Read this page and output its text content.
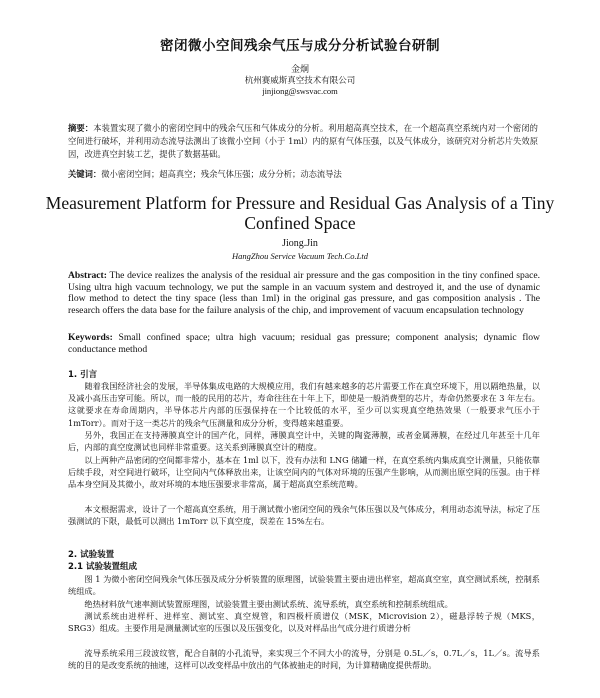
密闭微小空间残余气压与成分分析试验台研制
金炯
杭州赛威斯真空技术有限公司
jinjiong@swsvac.com
摘要：本装置实现了微小的密闭空间中的残余气压和气体成分的分析。利用超高真空技术，在一个超高真空系统内对一个密闭的空间进行破坏，并利用动态流导法测出了该微小空间（小于 1ml）内的原有气体压强，以及气体成分，该研究对分析芯片失效原因，改进真空封装工艺，提供了数据基础。
关键词：微小密闭空间；超高真空；残余气体压强；成分分析；动态流导法
Measurement Platform for Pressure and Residual Gas Analysis of a Tiny Confined Space
Jiong.Jin
HangZhou Service Vacuum Tech.Co.Ltd
Abstract: The device realizes the analysis of the residual air pressure and the gas composition in the tiny confined space. Using ultra high vacuum technology, we put the sample in an vacuum system and destroyed it, and the use of dynamic flow method to detect the tiny space (less than 1ml) in the original gas pressure, and gas composition analysis . The research offers the data base for the failure analysis of the chip, and improvement of vacuum encapsulation technology
Keywords: Small confined space; ultra high vacuum; residual gas pressure; component analysis; dynamic flow conductance method
1. 引言
随着我国经济社会的发展，半导体集成电路的大规模应用，我们有越来越多的芯片需要工作在真空环境下，用以隔绝热量，以及减小高压击穿可能。所以，而一般的民用的芯片，寿命往往在十年上下，即使是一般消费型的芯片，寿命仍然要求在 3 年左右。这就要求在寿命周期内，半导体芯片内部的压强保持在一个比较低的水平，至少可以实现真空绝热效果（一般要求气压小于 1mTorr）。而对于这一类芯片的残余气压测量和成分分析，变得越来越重要。
另外，我国正在支持薄膜真空计的国产化，同样，薄膜真空计中，关键的陶瓷薄膜，或者金属薄膜，在经过几年甚至十几年后，内部的真空度测试也同样非常重要。这关系到薄膜真空计的精度。
以上两种产品密闭的空间都非常小，基本在 1ml 以下，没有办法和 LNG 储罐一样，在真空系统内集成真空计测量，只能依靠后续手段，对空间进行破坏，让空间内气体释放出来，让该空间内的气体对环境的压强产生影响，从而测出原空间的压强。由于样品本身空间及其微小，故对环境的本地压强要求非常高，属于超高真空系统范畴。
本文根据需求，设计了一个超高真空系统，用于测试微小密闭空间的残余气体压强以及气体成分，利用动态流导法，标定了压强测试的下限，最低可以测出 1mTorr 以下真空度，误差在 15%左右。
2. 试验装置
2.1 试验装置组成
图 1 为微小密闭空间残余气体压强及成分分析装置的原理图，试验装置主要由进出样室，超高真空室，真空测试系统，控制系统组成。
绝热材料放气速率测试装置原理图，试验装置主要由测试系统、流导系统，真空系统和控制系统组成。
测试系统由进样杆、进样室、测试室、真空规管，和四极杆质谱仪（MSK，Microvision 2），磁悬浮转子规（MKS，SRG3）组成。主要作用是测量测试室的压强以及压强变化，以及对样品出气成分进行质谱分析
流导系统采用三段波纹管，配合自制的小孔流导，来实现三个不同大小的流导，分别是 0.5L／s，0.7L／s，1L／s。流导系统的目的是改变系统的抽速，这样可以改变样品中放出的气体被抽走的时间，为计算精确度提供帮助。
